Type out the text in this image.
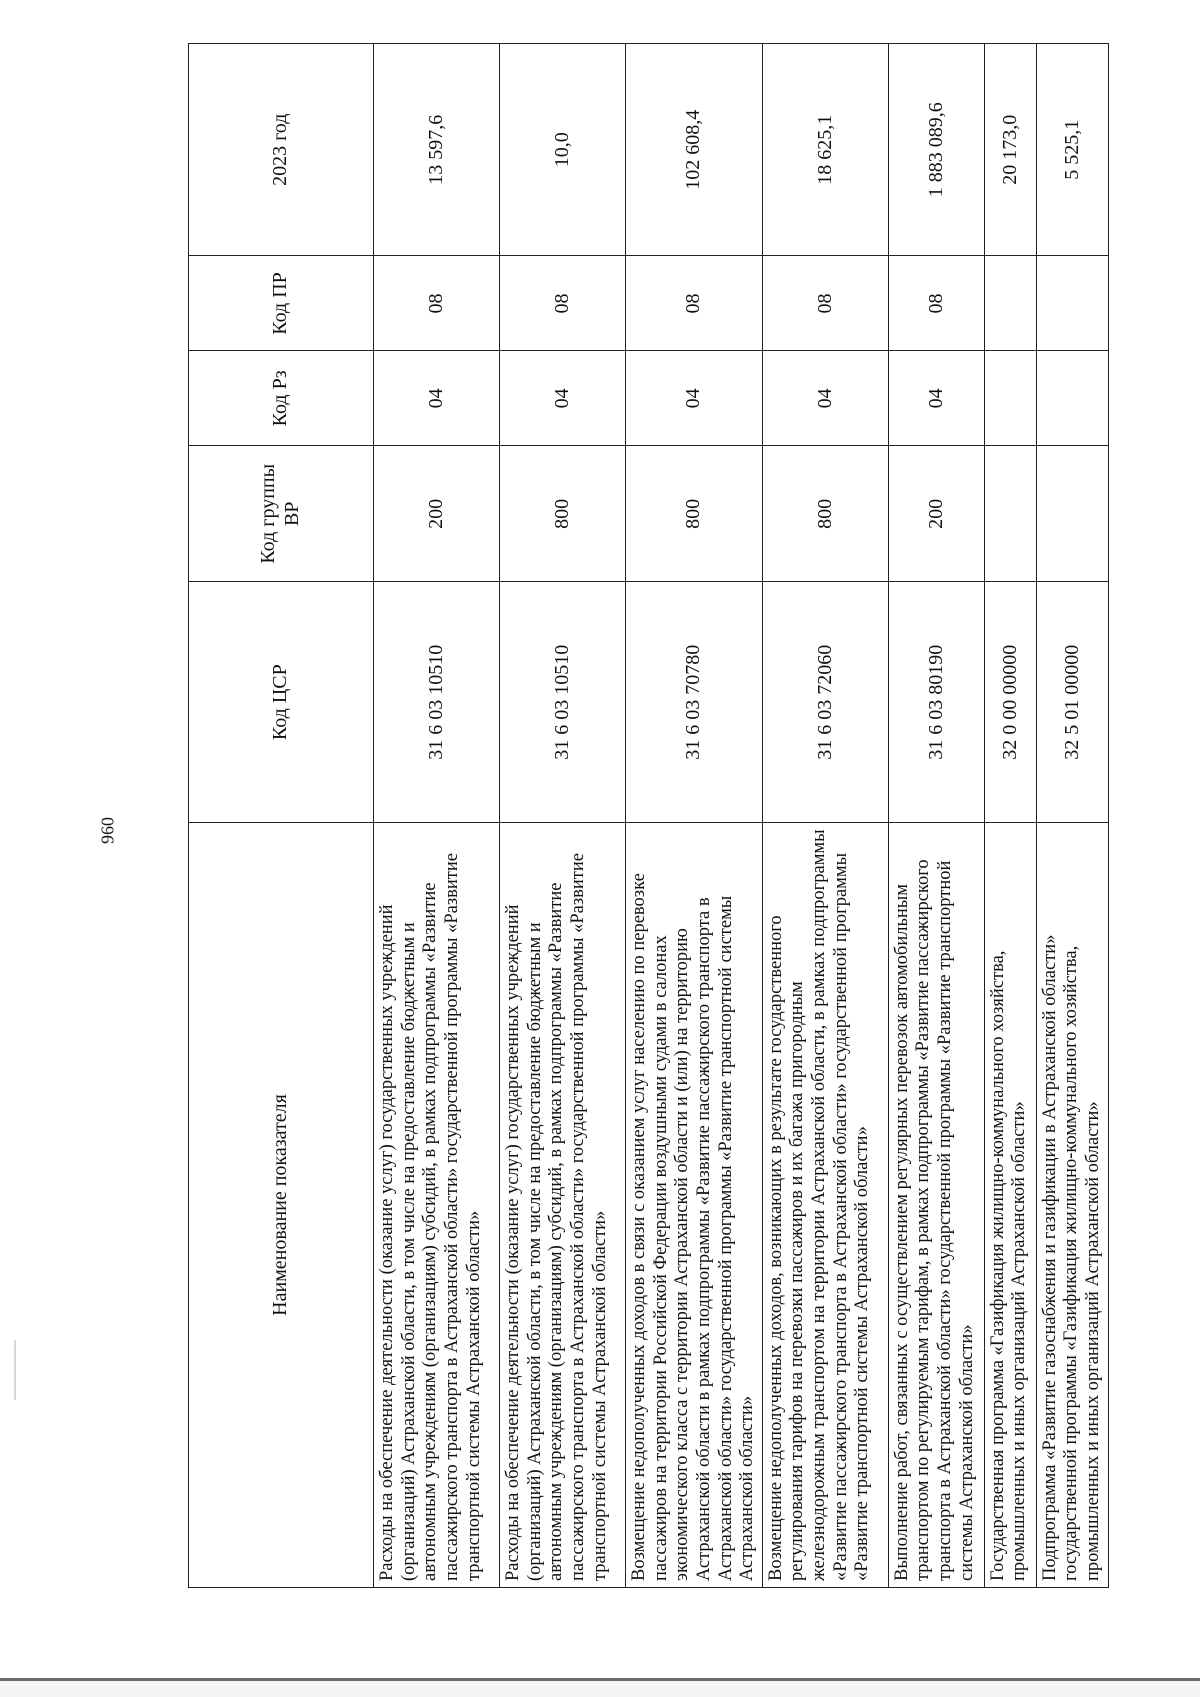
960
Наименование показателя	Код ЦСР	Код группы ВР	Код Рз	Код ПР	2023 год
Расходы на обеспечение деятельности (оказание услуг) государственных учреждений (организаций) Астраханской области, в том числе на предоставление бюджетным и автономным учреждениям (организациям) субсидий, в рамках подпрограммы «Развитие пассажирского транспорта в Астраханской области» государственной программы «Развитие транспортной системы Астраханской области»	31 6 03 10510	200	04	08	13 597,6
Расходы на обеспечение деятельности (оказание услуг) государственных учреждений (организаций) Астраханской области, в том числе на предоставление бюджетным и автономным учреждениям (организациям) субсидий, в рамках подпрограммы «Развитие пассажирского транспорта в Астраханской области» государственной программы «Развитие транспортной системы Астраханской области»	31 6 03 10510	800	04	08	10,0
Возмещение недополученных доходов в связи с оказанием услуг населению по перевозке пассажиров на территории Российской Федерации воздушными судами в салонах экономического класса с территории Астраханской области и (или) на территорию Астраханской области в рамках подпрограммы «Развитие пассажирского транспорта в Астраханской области» государственной программы «Развитие транспортной системы Астраханской области»	31 6 03 70780	800	04	08	102 608,4
Возмещение недополученных доходов, возникающих в результате государственного регулирования тарифов на перевозки пассажиров и их багажа пригородным железнодорожным транспортом на территории Астраханской области, в рамках подпрограммы «Развитие пассажирского транспорта в Астраханской области» государственной программы «Развитие транспортной системы Астраханской области»	31 6 03 72060	800	04	08	18 625,1
Выполнение работ, связанных с осуществлением регулярных перевозок автомобильным транспортом по регулируемым тарифам, в рамках подпрограммы «Развитие пассажирского транспорта в Астраханской области» государственной программы «Развитие транспортной системы Астраханской области»	31 6 03 80190	200	04	08	1 883 089,6
Государственная программа «Газификация жилищно-коммунального хозяйства, промышленных и иных организаций Астраханской области»	32 0 00 00000				20 173,0
Подпрограмма «Развитие газоснабжения и газификации в Астраханской области» государственной программы «Газификация жилищно-коммунального хозяйства, промышленных и иных организаций Астраханской области»	32 5 01 00000				5 525,1
